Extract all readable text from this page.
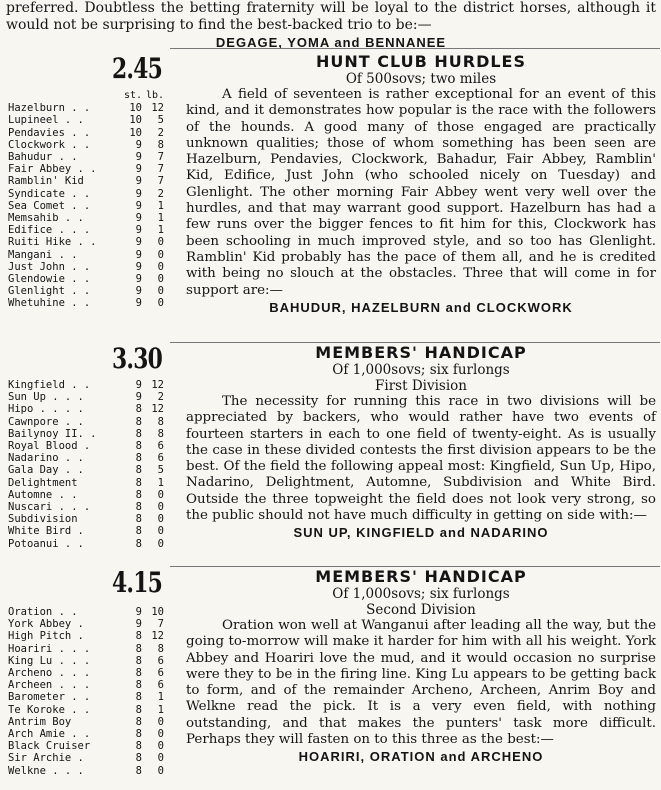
preferred. Doubtless the betting fraternity will be loyal to the district horses, although it would not be surprising to find the best-backed trio to be:—
DEGAGE, YOMA and BENNANEE
2.45
st. lb.
Hazelburn . .	10 12
Lupineel . .	10	5
Pendavies . .	10	2
Clockwork . .	9	8
Bahudur . .	9	7
Fair Abbey . .	9	7
Ramblin' Kid	9	7
Syndicate . .	9	2
Sea Comet . .	9	1
Memsahib . .	9	1
Edifice . . .	9	1
Ruiti Hike . .	9	0
Mangani . .	9	0
Just John . .	9	0
Glendowie . .	9	0
Glenlight . .	9	0
Whetuhine . .	9	0
HUNT CLUB HURDLES
Of 500sovs; two miles
A field of seventeen is rather exceptional for an event of this kind, and it demonstrates how popular is the race with the followers of the hounds. A good many of those engaged are practically unknown qualities; those of whom something has been seen are Hazelburn, Pendavies, Clockwork, Bahadur, Fair Abbey, Ramblin' Kid, Edifice, Just John (who schooled nicely on Tuesday) and Glenlight. The other morning Fair Abbey went very well over the hurdles, and that may warrant good support. Hazelburn has had a few runs over the bigger fences to fit him for this, Clockwork has been schooling in much improved style, and so too has Glenlight. Ramblin' Kid probably has the pace of them all, and he is credited with being no slouch at the obstacles. Three that will come in for support are:—
BAHUDUR, HAZELBURN and CLOCKWORK
3.30
Kingfield . .	9 12
Sun Up . . .	9	2
Hipo . . . .	8 12
Cawnpore . .	8	8
Bailynoy II. .	8	8
Royal Blood .	8	6
Nadarino . .	8	6
Gala Day . .	8	5
Delightment	8	1
Automne . .	8	0
Nuscari . . .	8	0
Subdivision	8	0
White Bird .	8	0
Potoanui . .	8	0
MEMBERS' HANDICAP
Of 1,000sovs; six furlongs
First Division
The necessity for running this race in two divisions will be appreciated by backers, who would rather have two events of fourteen starters in each to one field of twenty-eight. As is usually the case in these divided contests the first division appears to be the best. Of the field the following appeal most: Kingfield, Sun Up, Hipo, Nadarino, Delightment, Automne, Subdivision and White Bird. Outside the three topweight the field does not look very strong, so the public should not have much difficulty in getting on side with:—
SUN UP, KINGFIELD and NADARINO
4.15
Oration . .	9 10
York Abbey .	9	7
High Pitch .	8 12
Hoariri . . .	8	8
King Lu . . .	8	6
Archeno . . .	8	6
Archeen . . .	8	6
Barometer . .	8	1
Te Koroke . .	8	1
Antrim Boy	8	0
Arch Amie . .	8	0
Black Cruiser	8	0
Sir Archie .	8	0
Welkne . . .	8	0
MEMBERS' HANDICAP
Of 1,000sovs; six furlongs
Second Division
Oration won well at Wanganui after leading all the way, but the going to-morrow will make it harder for him with all his weight. York Abbey and Hoariri love the mud, and it would occasion no surprise were they to be in the firing line. King Lu appears to be getting back to form, and of the remainder Archeno, Archeen, Anrim Boy and Welkne read the pick. It is a very even field, with nothing outstanding, and that makes the punters' task more difficult. Perhaps they will fasten on to this three as the best:—
HOARIRI, ORATION and ARCHENO
